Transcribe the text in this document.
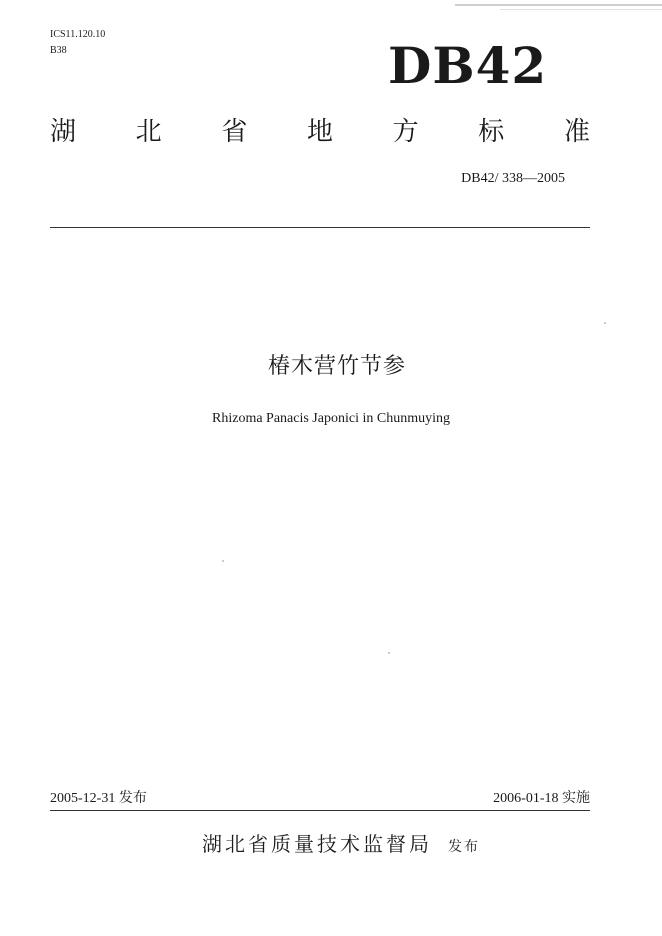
ICS11.120.10
B38	DB42
湖 北 省 地 方 标 准
DB42/ 338—2005
椿木营竹节参
Rhizoma Panacis Japonici in Chunmuying
2005-12-31 发布	2006-01-18 实施
湖北省质量技术监督局 发布
